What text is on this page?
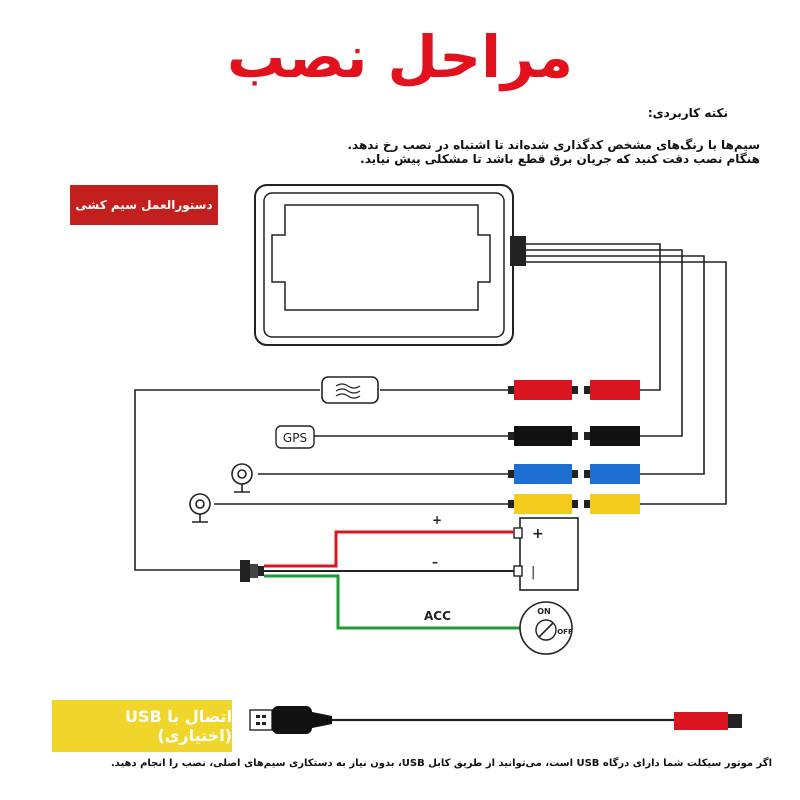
مراحل نصب
نکته کاربردی:
سیم‌ها با رنگ‌های مشخص کدگذاری شده‌اند تا اشتباه در نصب رخ ندهد.
هنگام نصب دقت کنید که جریان برق قطع باشد تا مشکلی پیش نیاید.
دستورالعمل سیم کشی
GPS
+
|
+
–
ACC	ON
OFF
اتصال با USB (اختیاری)
اگر موتور سیکلت شما دارای درگاه USB است، می‌توانید از طریق کابل USB، بدون نیاز به دستکاری سیم‌های اصلی، نصب را انجام دهید.
